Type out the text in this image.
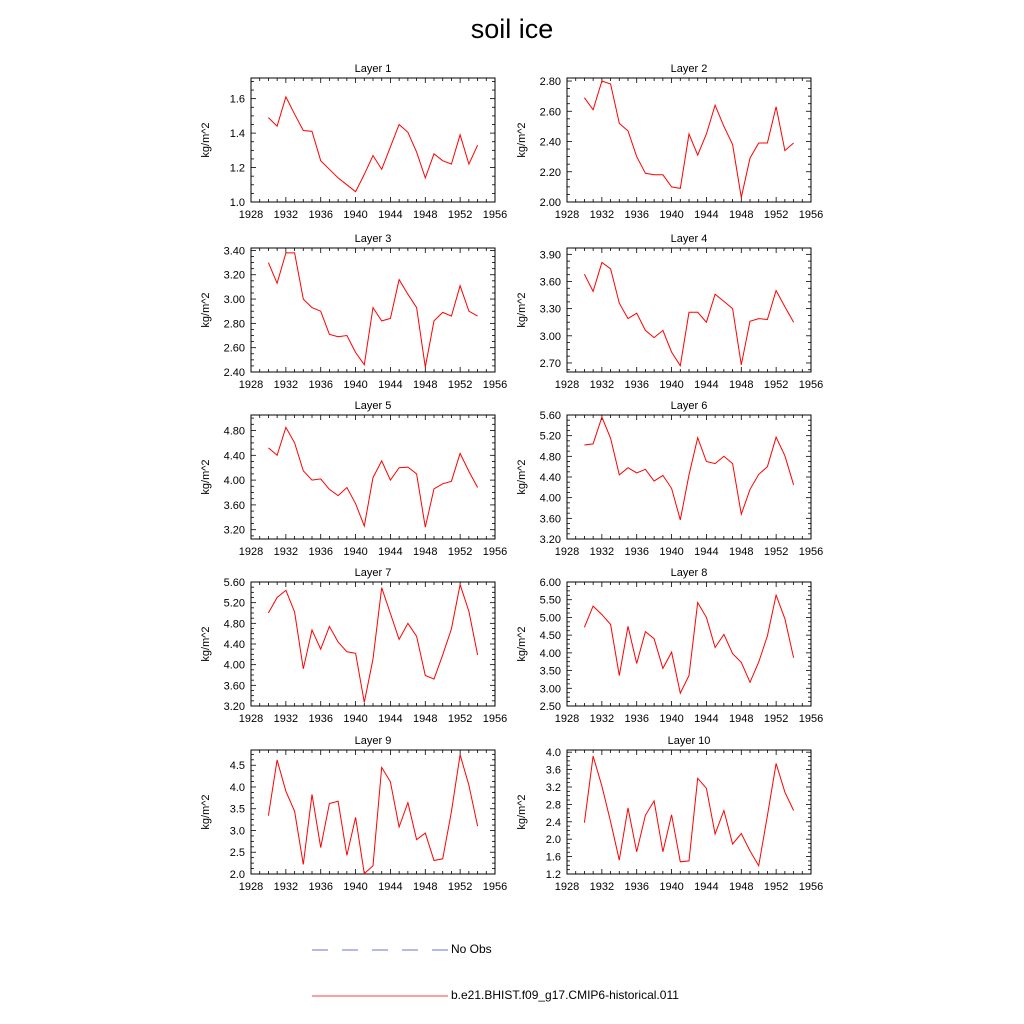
soil ice
1928 1932 1936 1940 1944 1948 1952 1956
1.0
1.2
1.4
1.6
Layer 1
kg/m^2
1928 1932 1936 1940 1944 1948 1952 1956
2.00
2.20
2.40
2.60
2.80
Layer 2
kg/m^2
1928 1932 1936 1940 1944 1948 1952 1956
2.40
2.60
2.80
3.00
3.20
3.40
Layer 3
kg/m^2
1928 1932 1936 1940 1944 1948 1952 1956
2.70
3.00
3.30
3.60
3.90
Layer 4
kg/m^2
1928 1932 1936 1940 1944 1948 1952 1956
3.20
3.60
4.00
4.40
4.80
Layer 5
kg/m^2
1928 1932 1936 1940 1944 1948 1952 1956
3.20
3.60
4.00
4.40
4.80
5.20
5.60
Layer 6
kg/m^2
1928 1932 1936 1940 1944 1948 1952 1956
3.20
3.60
4.00
4.40
4.80
5.20
5.60
Layer 7
kg/m^2
1928 1932 1936 1940 1944 1948 1952 1956
2.50
3.00
3.50
4.00
4.50
5.00
5.50
6.00
Layer 8
kg/m^2
1928 1932 1936 1940 1944 1948 1952 1956
2.0
2.5
3.0
3.5
4.0
4.5
Layer 9
kg/m^2
1928 1932 1936 1940 1944 1948 1952 1956
1.2
1.6
2.0
2.4
2.8
3.2
3.6
4.0
Layer 10
kg/m^2
No Obs
b.e21.BHIST.f09_g17.CMIP6-historical.011
